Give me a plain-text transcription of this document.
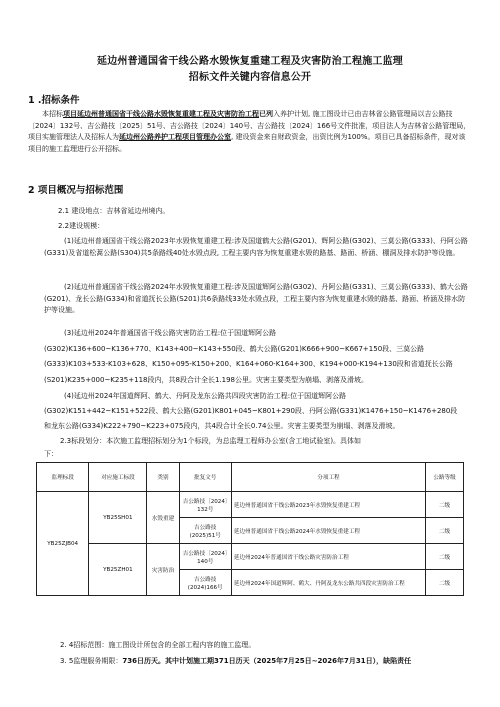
延边州普通国省干线公路水毁恢复重建工程及灾害防治工程施工监理
招标文件关键内容信息公开
1 .招标条件
本招标项目延边州普通国省干线公路水毁恢复重建工程及灾害防治工程已列入养护计划, 施工图设计已由吉林省公路管理局以吉公路技〔2024〕132号、吉公路技〔2025〕51号、吉公路技〔2024〕140号、吉公路技〔2024〕166号文件批准，项目法人为吉林省公路管理局，项目实施管理法人及招标人为延边州公路养护工程项目管理办公室, 建设资金来自财政资金，出资比例为100%。项目已具备招标条件，现对该项目的施工监理进行公开招标。
2 项目概况与招标范围
2.1 建设地点：吉林省延边州境内。
2.2建设规模：
(1)延边州普通国省干线公路2023年水毁恢复重建工程:涉及国道鹤大公路(G201)、辉阿公路(G302)、三莫公路(G333)、丹阿公路(G331)及省道松蒿公路(S304)共5条路线40处水毁点段, 工程主要内容为恢复重建水毁的路基、路面、桥涵、棚洞及排水防护等设施。
(2)延边州普通国省干线公路2024年水毁恢复重建工程:涉及国道辉阿公路(G302)、丹阿公路(G331)、三莫公路(G333)、鹤大公路(G201)、龙长公路(G334)和省道抚长公路(S201)共6条路线33处水毁点段，工程主要内容为恢复重建水毁的路基、路面、桥涵及排水防护等设施。
(3)延边州2024年普通国省干线公路灾害防治工程:位于国道辉阿公路
(G302)K136+600~K136+770、K143+400~K143+550段、鹤大公路(G201)K666+900~K667+150段、三莫公路
(G333)K103+533-K103+628、K150+095-K150+200、K164+060-K164+300、K194+000-K194+130段和省道抚长公路
(S201)K235+000~K235+118段内，共8段合计全长1.198公里。灾害主要类型为崩塌、剥落及滑坡。
(4)延边州2024年国道辉阿、鹤大、丹阿及龙东公路共四段灾害防治工程:位于国道辉阿公路
(G302)K151+442~K151+522段、鹤大公路(G201)K801+045~K801+290段、丹阿公路(G331)K1476+150~K1476+280段
和龙东公路(G334)K222+790~K223+075段内，共4段合计全长0.74公里。灾害主要类型为崩塌、剥落及滑坡。
2.3标段划分：本次施工监理招标划分为1个标段，为总监理工程师办公室(含工地试验室)。具体如
下：
监理标段	对应施工标段	类别	批复文号	分项工程	公路等级
YB25ZJB04	YB25SH01	水毁重建	吉公路技〔2024〕132号	延边州普通国省干线公路2023年水毁恢复重建工程	二级
			吉公路技(2025)51号	延边州普通国省干线公路2024年水毁恢复重建工程	二级
	YB25ZH01	灾害防治	吉公路技〔2024〕140号	延边州2024年普通国省干线公路灾害防治工程	二级
			吉公路技(2024)166号	延边州2024年国道辉阿、鹤大、丹阿及龙东公路共四段灾害防治工程	二级
2. 4招标范围：施工图设计所包含的全部工程内容的施工监理。
3. 5监理服务期限：736日历天。其中计划施工期371日历天（2025年7月25日~2026年7月31日），缺陷责任
